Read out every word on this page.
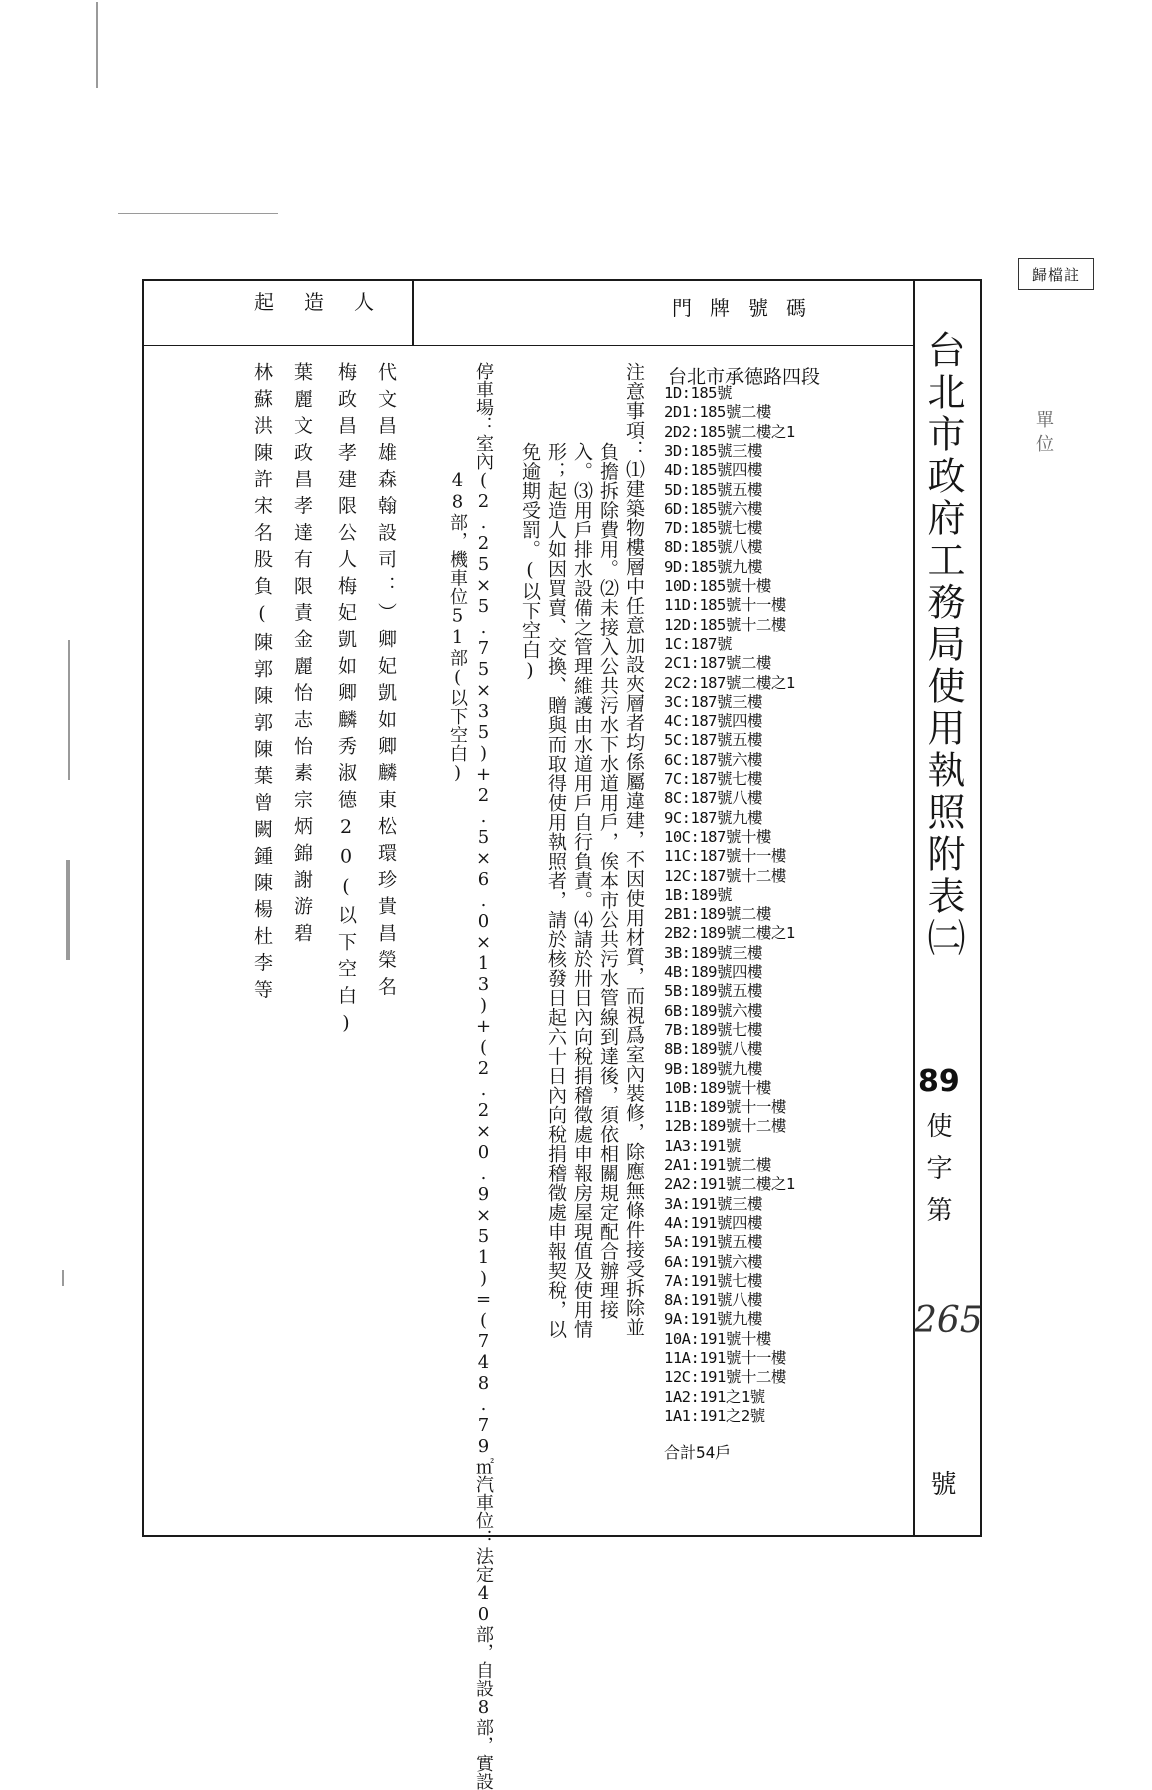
歸檔註
起造人	門牌號碼
台北市政府工務局使用執照附表㈡
89
使字第
265
號
單位
台北市承德路四段
1D:185號
2D1:185號二樓
2D2:185號二樓之1
3D:185號三樓
4D:185號四樓
5D:185號五樓
6D:185號六樓
7D:185號七樓
8D:185號八樓
9D:185號九樓
10D:185號十樓
11D:185號十一樓
12D:185號十二樓
1C:187號
2C1:187號二樓
2C2:187號二樓之1
3C:187號三樓
4C:187號四樓
5C:187號五樓
6C:187號六樓
7C:187號七樓
8C:187號八樓
9C:187號九樓
10C:187號十樓
11C:187號十一樓
12C:187號十二樓
1B:189號
2B1:189號二樓
2B2:189號二樓之1
3B:189號三樓
4B:189號四樓
5B:189號五樓
6B:189號六樓
7B:189號七樓
8B:189號八樓
9B:189號九樓
10B:189號十樓
11B:189號十一樓
12B:189號十二樓
1A3:191號
2A1:191號二樓
2A2:191號二樓之1
3A:191號三樓
4A:191號四樓
5A:191號五樓
6A:191號六樓
7A:191號七樓
8A:191號八樓
9A:191號九樓
10A:191號十樓
11A:191號十一樓
12C:191號十二樓
1A2:191之1號
1A1:191之2號
合計54戶
注意事項：⑴建築物樓層中任意加設夾層者均係屬違建，不因使用材質，而視爲室內裝修，除應無條件接受拆除並
負擔拆除費用。⑵未接入公共污水下水道用戶，俟本市公共污水管線到達後，須依相關規定配合辦理接
入。⑶用戶排水設備之管理維護由水道用戶自行負責。⑷請於卅日內向稅捐稽徵處申報房屋現值及使用情
形；起造人如因買賣、交換、贈與而取得使用執照者，請於核發日起六十日內向稅捐稽徵處申報契稅，以
免逾期受罰。(以下空白)
停車場：室內(2.25×5.75×35)+2.5×6.0×13)+(2.2×0.9×51)=(748.79㎡汽車位：法定40部，自設8部，實設
48部，機車位51部(以下空白)
代文昌雄森翰設司：）卿妃凱如卿麟東松環珍貴昌榮名
梅政昌孝建限公人梅妃凱如卿麟秀淑德20(以下空白)
葉麗文政昌孝達有限責金麗怡志怡素宗炳錦謝游碧
林蘇洪陳許宋名股負(陳郭陳郭陳葉曾闕鍾陳楊杜李等
